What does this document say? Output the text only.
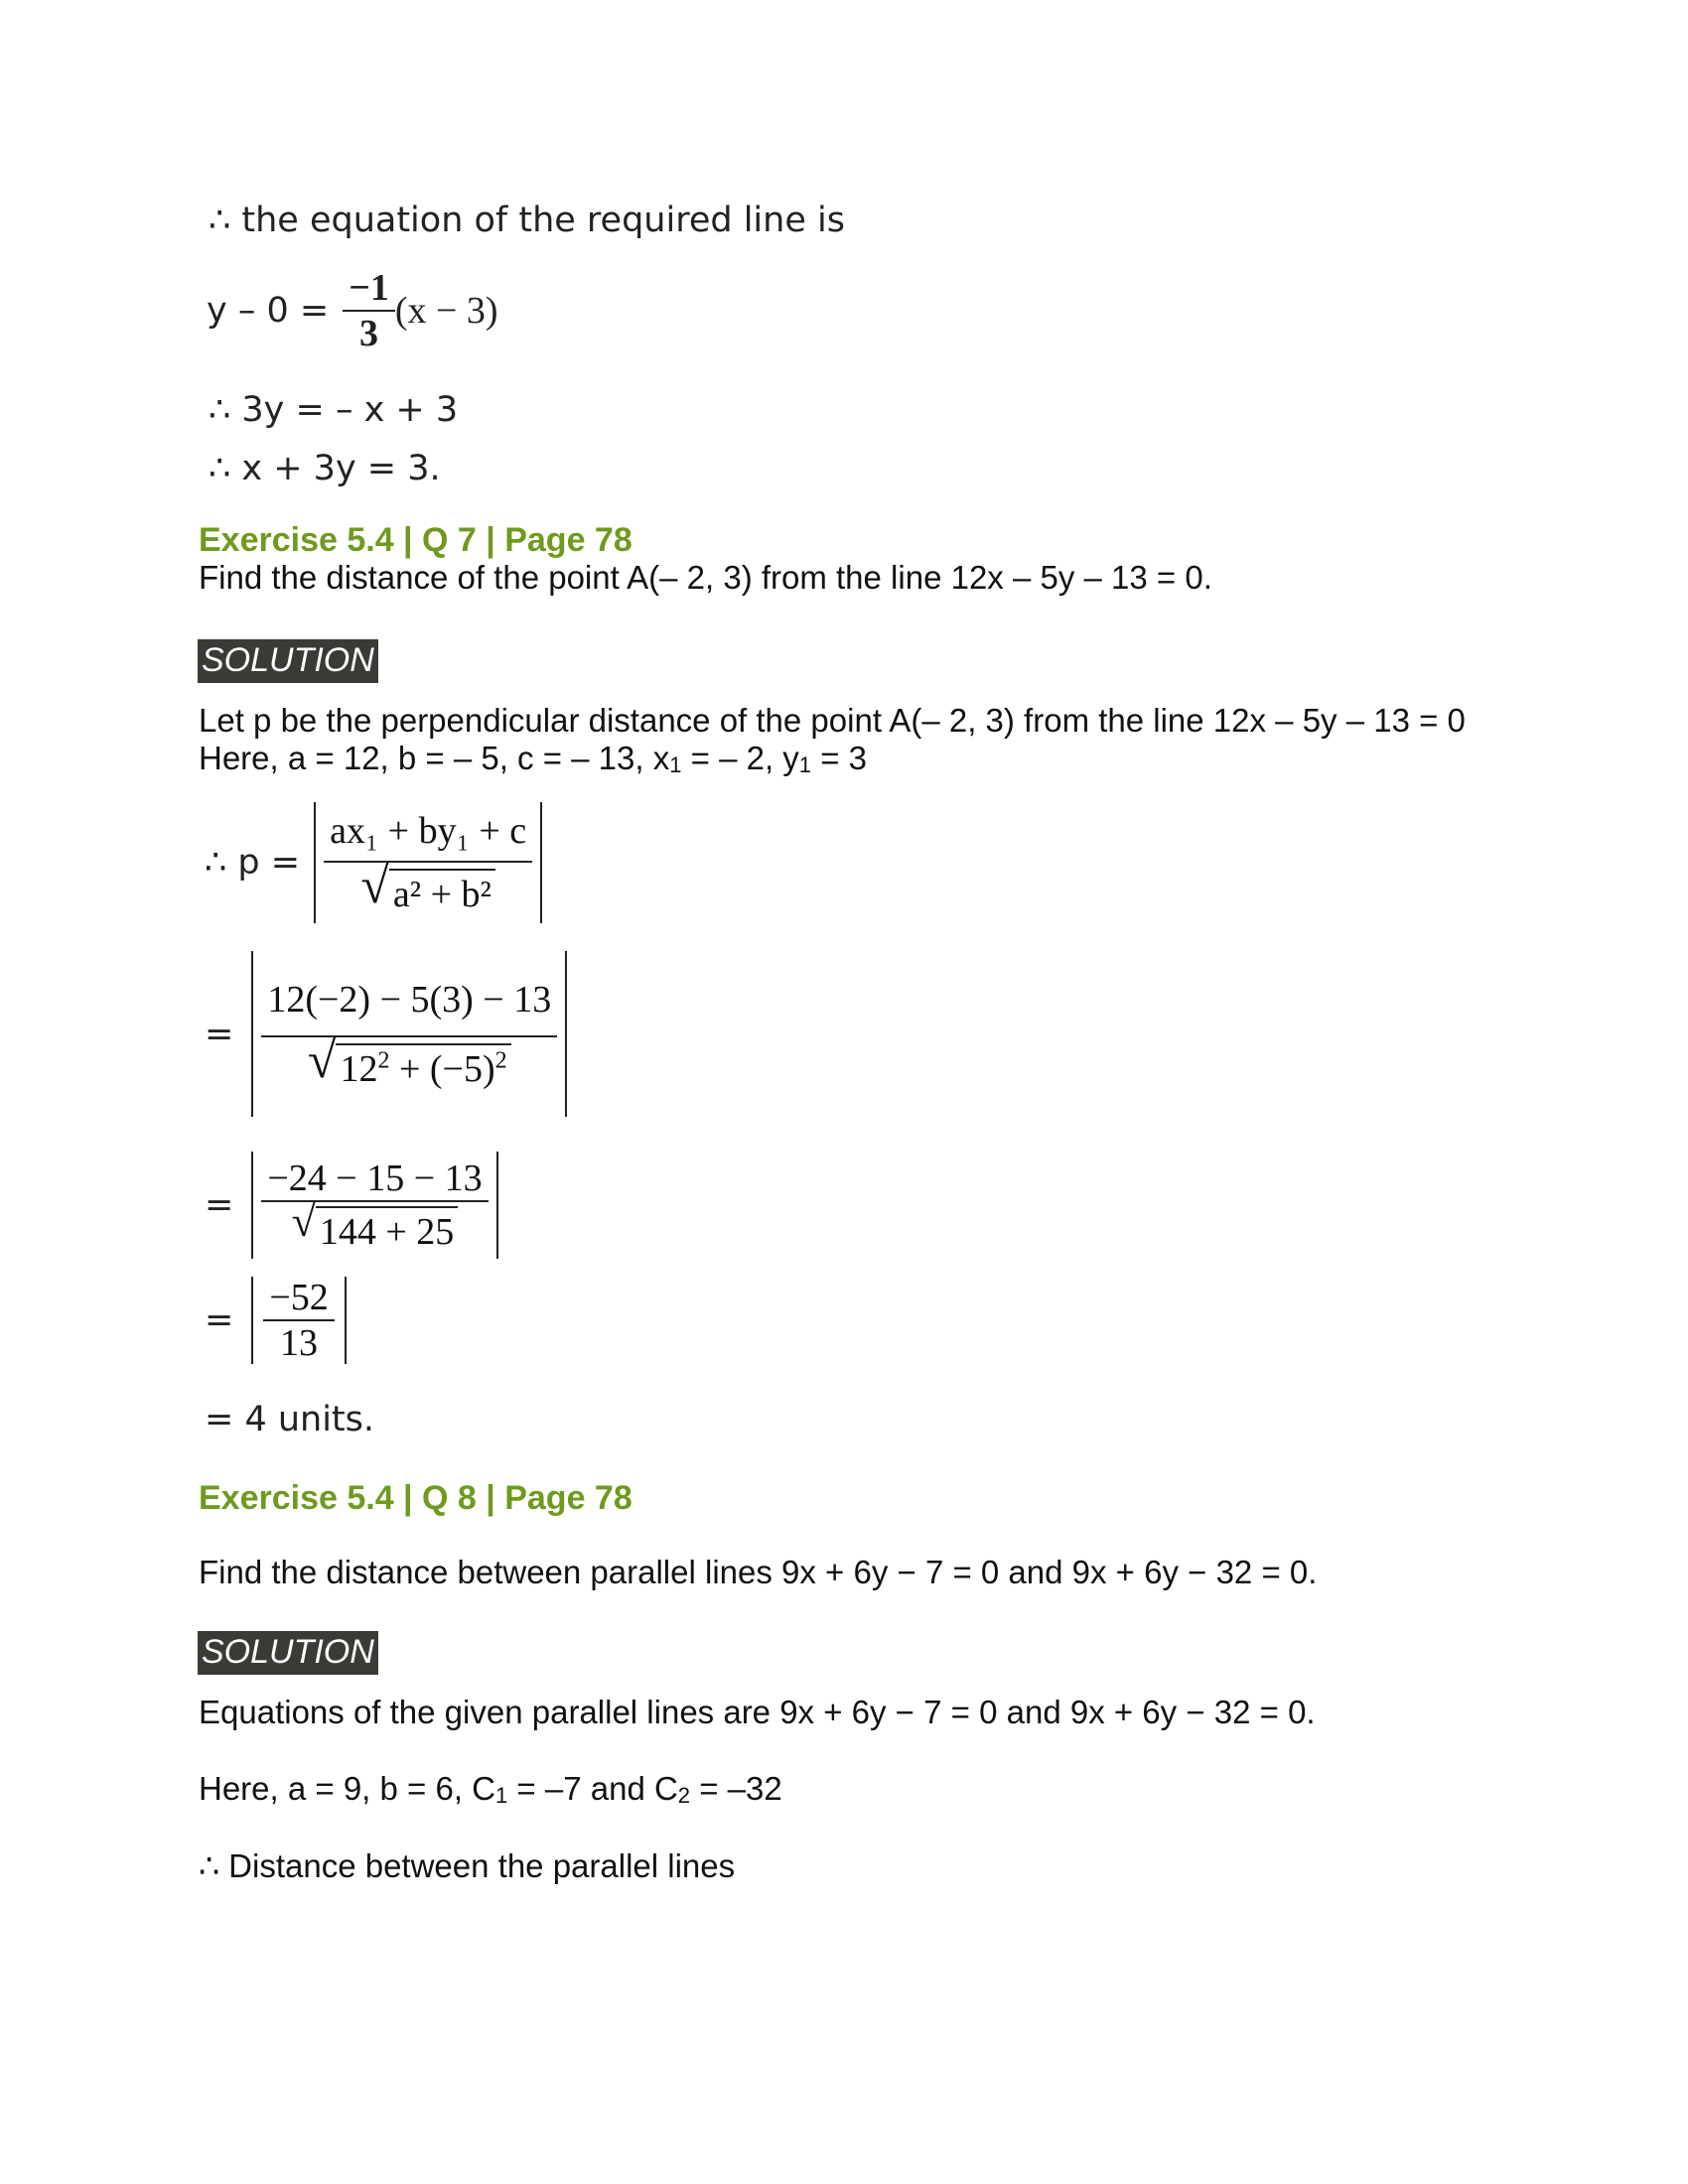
∴ the equation of the required line is
$y - 0 = \frac{-1}{3} (x - 3)$
∴ 3y = – x + 3
∴ x + 3y = 3.
Exercise 5.4 | Q 7 | Page 78
Find the distance of the point A(– 2, 3) from the line 12x – 5y – 13 = 0.
SOLUTION
Let p be the perpendicular distance of the point A(– 2, 3) from the line 12x – 5y – 13 = 0
Here, a = 12, b = – 5, c = – 13, $x_1$ = – 2, $y_1 = 3$
∴ $p = \frac{\text{ax₁ + by₁ + c}}{\text{√ a² + b²}}$
= $\frac{12(-2) - 5(3) - 13}{√ 12^2 + (-5)^2}$
= $\frac{-24 - 15 - 13}{√ 144 + 25}$
= $\frac{-52}{13}$
= 4 units.
Exercise 5.4 | Q 8 | Page 78
Find the distance between parallel lines 9x + 6y − 7 = 0 and 9x + 6y − 32 = 0.
SOLUTION
Equations of the given parallel lines are 9x + 6y − 7 = 0 and 9x + 6y − 32 = 0.
Here, a = 9, b = 6, $C_1 = -7$ and $C_2 = -32$
∴ Distance between the parallel lines
